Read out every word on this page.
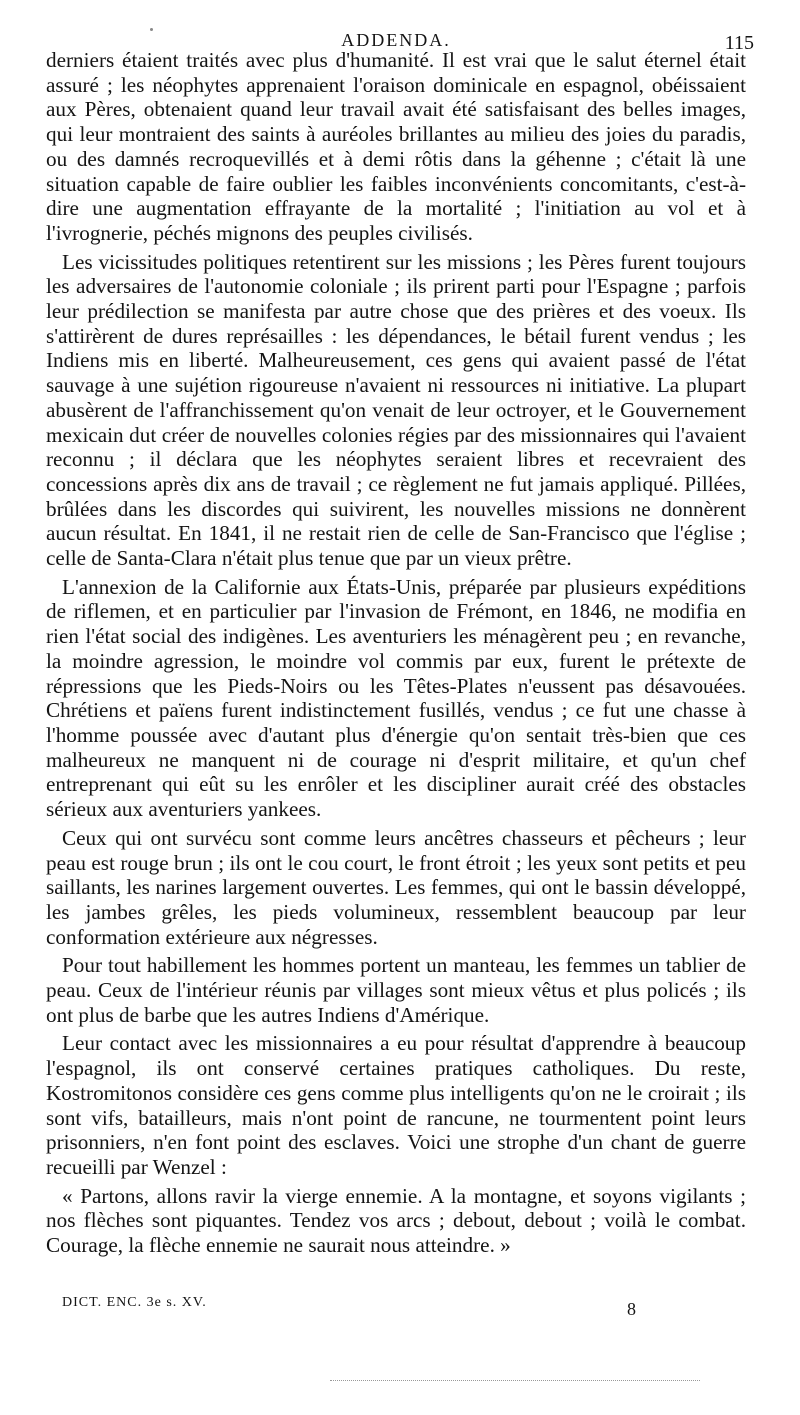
ADDENDA.	115

derniers étaient traités avec plus d'humanité. Il est vrai que le salut éternel était assuré ; les néophytes apprenaient l'oraison dominicale en espagnol, obéissaient aux Pères, obtenaient quand leur travail avait été satisfaisant des belles images, qui leur montraient des saints à auréoles brillantes au milieu des joies du paradis, ou des damnés recroquevillés et à demi rôtis dans la géhenne ; c'était là une situation capable de faire oublier les faibles inconvénients concomitants, c'est-à-dire une augmentation effrayante de la mortalité ; l'initiation au vol et à l'ivrognerie, péchés mignons des peuples civilisés.

Les vicissitudes politiques retentirent sur les missions ; les Pères furent toujours les adversaires de l'autonomie coloniale ; ils prirent parti pour l'Espagne ; parfois leur prédilection se manifesta par autre chose que des prières et des voeux. Ils s'attirèrent de dures représailles : les dépendances, le bétail furent vendus ; les Indiens mis en liberté. Malheureusement, ces gens qui avaient passé de l'état sauvage à une sujétion rigoureuse n'avaient ni ressources ni initiative. La plupart abusèrent de l'affranchissement qu'on venait de leur octroyer, et le Gouvernement mexicain dut créer de nouvelles colonies régies par des missionnaires qui l'avaient reconnu ; il déclara que les néophytes seraient libres et recevraient des concessions après dix ans de travail ; ce règlement ne fut jamais appliqué. Pillées, brûlées dans les discordes qui suivirent, les nouvelles missions ne donnèrent aucun résultat. En 1841, il ne restait rien de celle de San-Francisco que l'église ; celle de Santa-Clara n'était plus tenue que par un vieux prêtre.

L'annexion de la Californie aux États-Unis, préparée par plusieurs expéditions de riflemen, et en particulier par l'invasion de Frémont, en 1846, ne modifia en rien l'état social des indigènes. Les aventuriers les ménagèrent peu ; en revanche, la moindre agression, le moindre vol commis par eux, furent le prétexte de répressions que les Pieds-Noirs ou les Têtes-Plates n'eussent pas désavouées. Chrétiens et païens furent indistinctement fusillés, vendus ; ce fut une chasse à l'homme poussée avec d'autant plus d'énergie qu'on sentait très-bien que ces malheureux ne manquent ni de courage ni d'esprit militaire, et qu'un chef entreprenant qui eût su les enrôler et les discipliner aurait créé des obstacles sérieux aux aventuriers yankees.

Ceux qui ont survécu sont comme leurs ancêtres chasseurs et pêcheurs ; leur peau est rouge brun ; ils ont le cou court, le front étroit ; les yeux sont petits et peu saillants, les narines largement ouvertes. Les femmes, qui ont le bassin développé, les jambes grêles, les pieds volumineux, ressemblent beaucoup par leur conformation extérieure aux négresses.

Pour tout habillement les hommes portent un manteau, les femmes un tablier de peau. Ceux de l'intérieur réunis par villages sont mieux vêtus et plus policés ; ils ont plus de barbe que les autres Indiens d'Amérique.

Leur contact avec les missionnaires a eu pour résultat d'apprendre à beaucoup l'espagnol, ils ont conservé certaines pratiques catholiques. Du reste, Kostromitonos considère ces gens comme plus intelligents qu'on ne le croirait ; ils sont vifs, batailleurs, mais n'ont point de rancune, ne tourmentent point leurs prisonniers, n'en font point des esclaves. Voici une strophe d'un chant de guerre recueilli par Wenzel :

« Partons, allons ravir la vierge ennemie. A la montagne, et soyons vigilants ; nos flèches sont piquantes. Tendez vos arcs ; debout, debout ; voilà le combat. Courage, la flèche ennemie ne saurait nous atteindre. »

DICT. ENC. 3e s. XV.	8
